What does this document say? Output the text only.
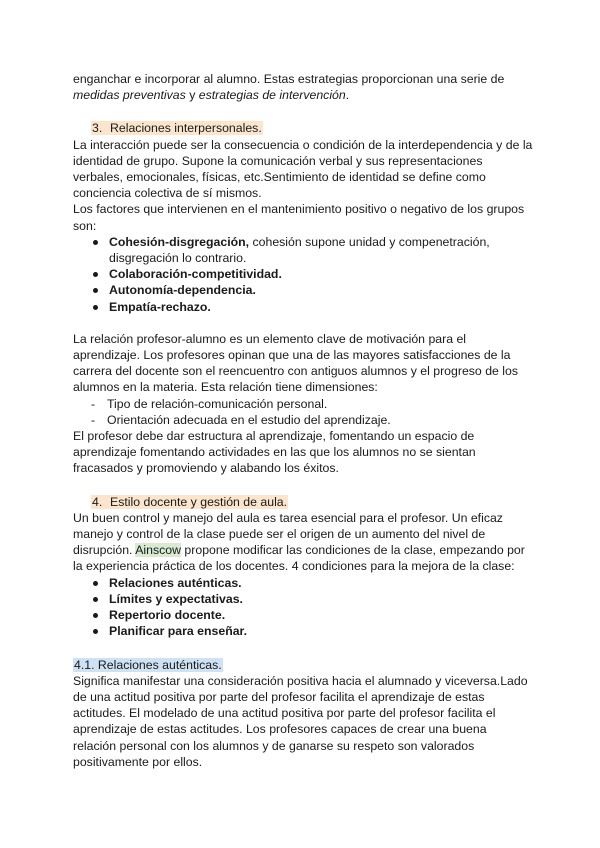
enganchar e incorporar al alumno. Estas estrategias proporcionan una serie de
medidas preventivas y estrategias de intervención.

3. Relaciones interpersonales.

La interacción puede ser la consecuencia o condición de la interdependencia y de la identidad de grupo. Supone la comunicación verbal y sus representaciones verbales, emocionales, físicas, etc.Sentimiento de identidad se define como conciencia colectiva de sí mismos.

Los factores que intervienen en el mantenimiento positivo o negativo de los grupos son:

Cohesión-disgregación, cohesión supone unidad y compenetración, disgregación lo contrario.
Colaboración-competitividad.
Autonomía-dependencia.
Empatía-rechazo.

La relación profesor-alumno es un elemento clave de motivación para el aprendizaje. Los profesores opinan que una de las mayores satisfacciones de la carrera del docente son el reencuentro con antiguos alumnos y el progreso de los alumnos en la materia. Esta relación tiene dimensiones:

- Tipo de relación-comunicación personal.
- Orientación adecuada en el estudio del aprendizaje.

El profesor debe dar estructura al aprendizaje, fomentando un espacio de aprendizaje fomentando actividades en las que los alumnos no se sientan fracasados y promoviendo y alabando los éxitos.

4. Estilo docente y gestión de aula.

Un buen control y manejo del aula es tarea esencial para el profesor. Un eficaz manejo y control de la clase puede ser el origen de un aumento del nivel de disrupción. Ainscow propone modificar las condiciones de la clase, empezando por la experiencia práctica de los docentes. 4 condiciones para la mejora de la clase:

Relaciones auténticas.
Límites y expectativas.
Repertorio docente.
Planificar para enseñar.

4.1. Relaciones auténticas.

Significa manifestar una consideración positiva hacia el alumnado y viceversa.Lado de una actitud positiva por parte del profesor facilita el aprendizaje de estas actitudes. El modelado de una actitud positiva por parte del profesor facilita el aprendizaje de estas actitudes. Los profesores capaces de crear una buena relación personal con los alumnos y de ganarse su respeto son valorados positivamente por ellos.
